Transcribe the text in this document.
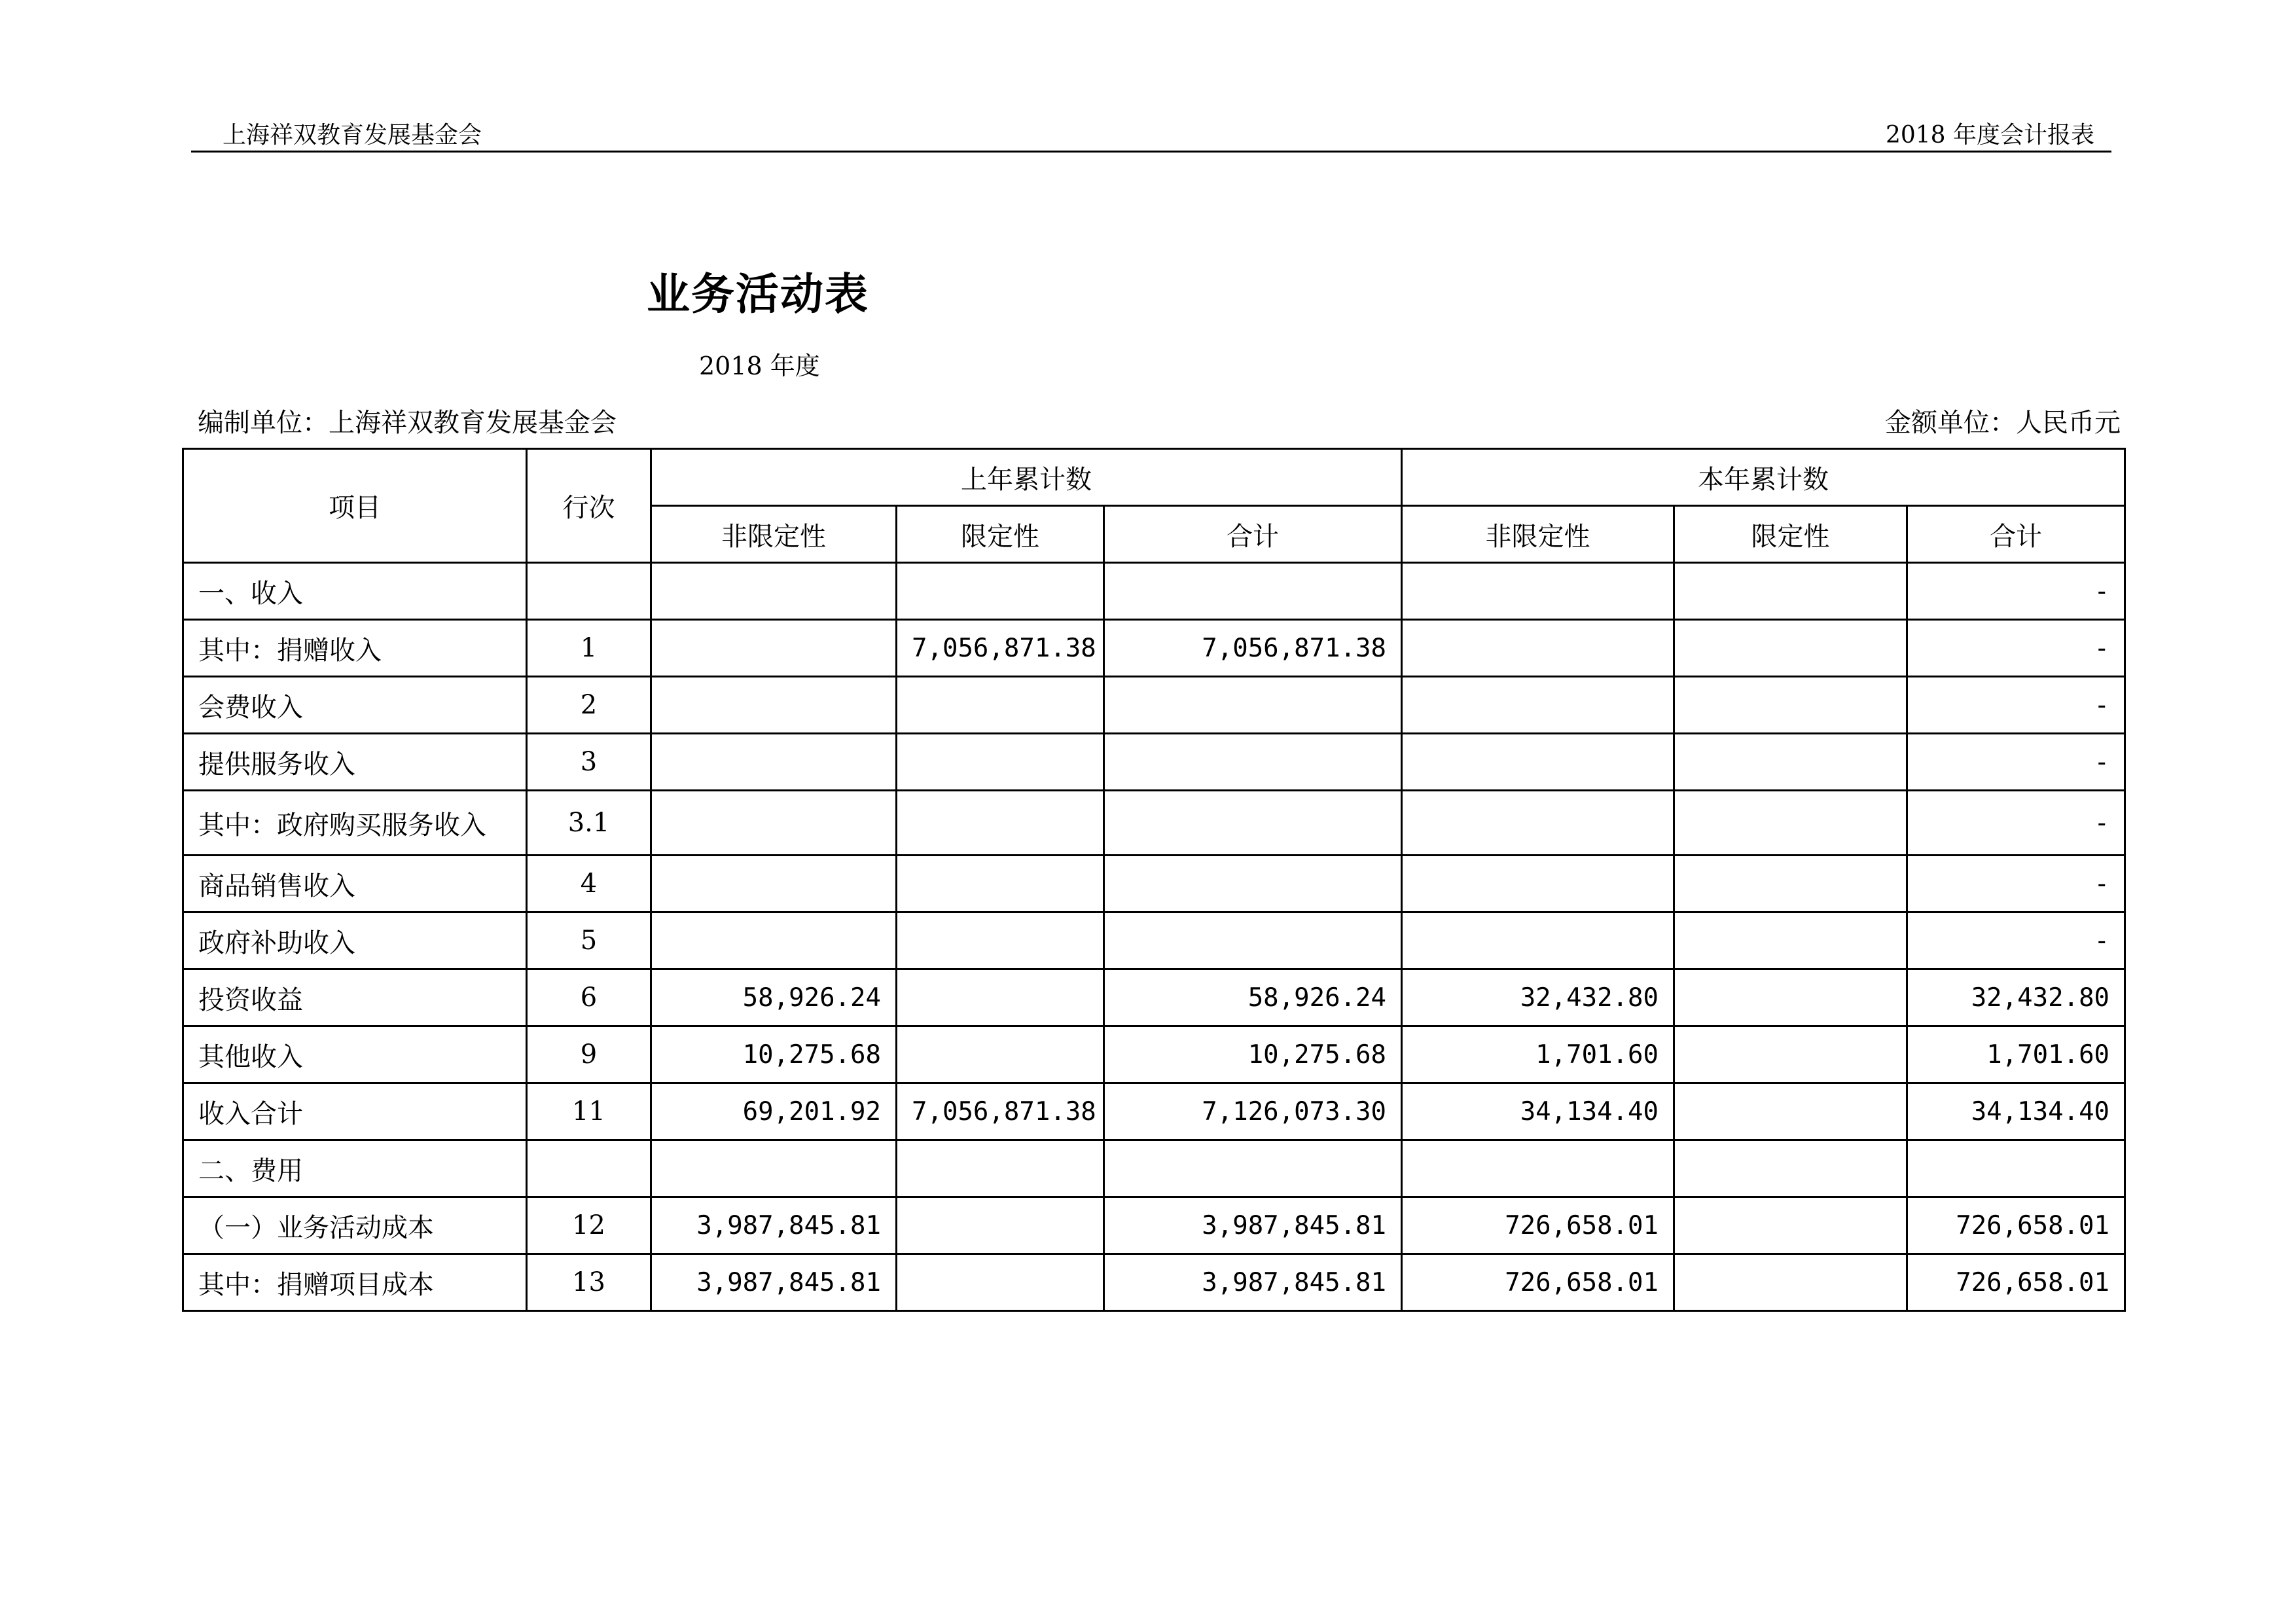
上海祥双教育发展基金会	2018 年度会计报表
业务活动表
2018 年度
编制单位：上海祥双教育发展基金会	金额单位：人民币元
项目	行次	上年累计数			本年累计数		
		非限定性	限定性	合计	非限定性	限定性	合计
一、收入							-
其中：捐赠收入	1		7,056,871.38	7,056,871.38			-
会费收入	2						-
提供服务收入	3						-
其中：政府购买服务收入	3.1						-
商品销售收入	4						-
政府补助收入	5						-
投资收益	6	58,926.24		58,926.24	32,432.80		32,432.80
其他收入	9	10,275.68		10,275.68	1,701.60		1,701.60
收入合计	11	69,201.92	7,056,871.38	7,126,073.30	34,134.40		34,134.40
二、费用							
（一）业务活动成本	12	3,987,845.81		3,987,845.81	726,658.01		726,658.01
其中：捐赠项目成本	13	3,987,845.81		3,987,845.81	726,658.01		726,658.01
